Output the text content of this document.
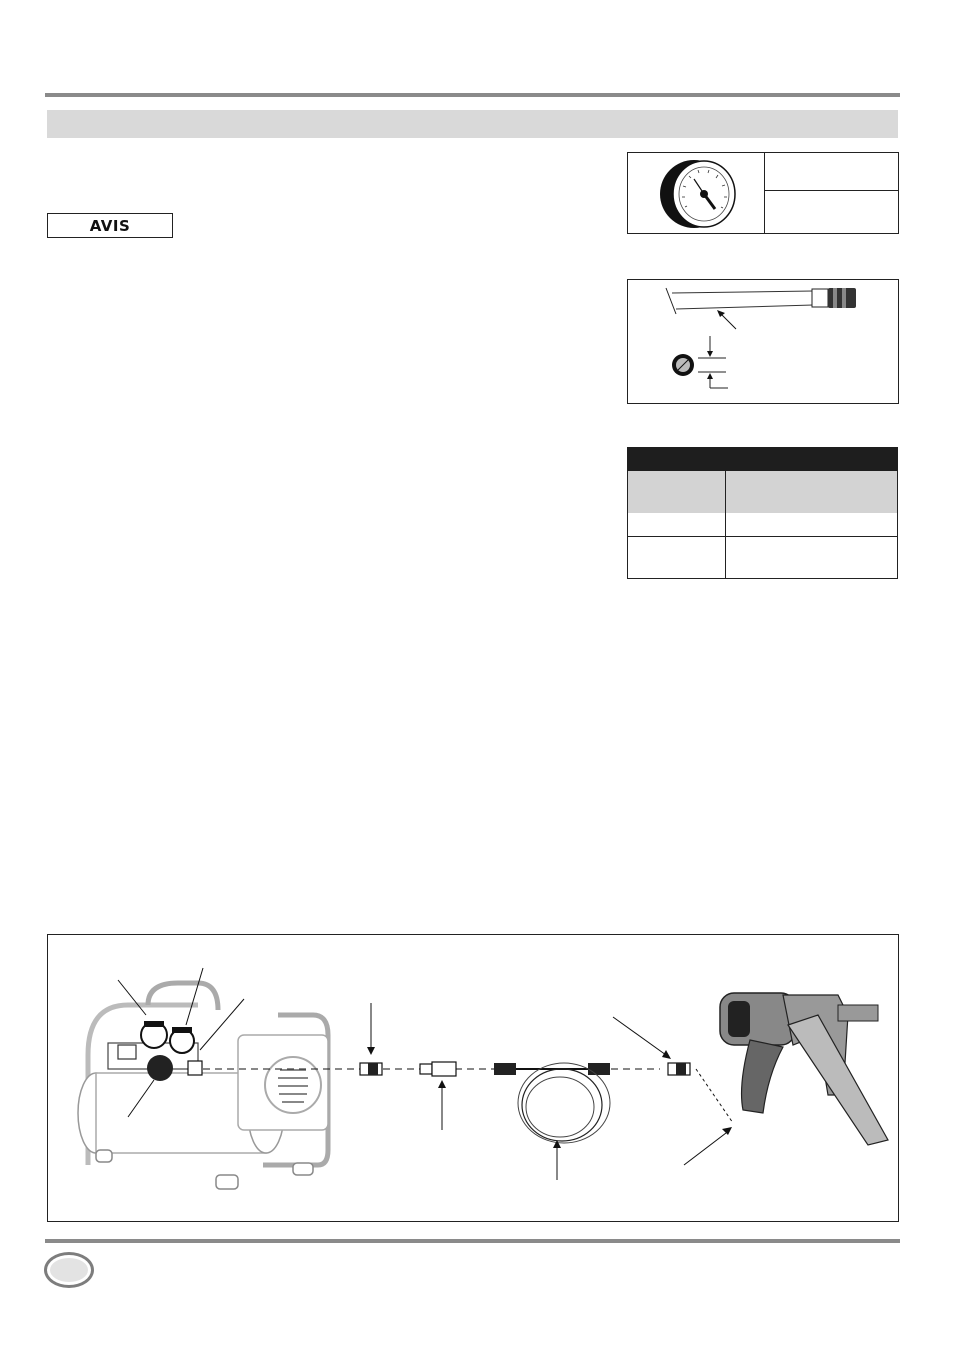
AVIS
